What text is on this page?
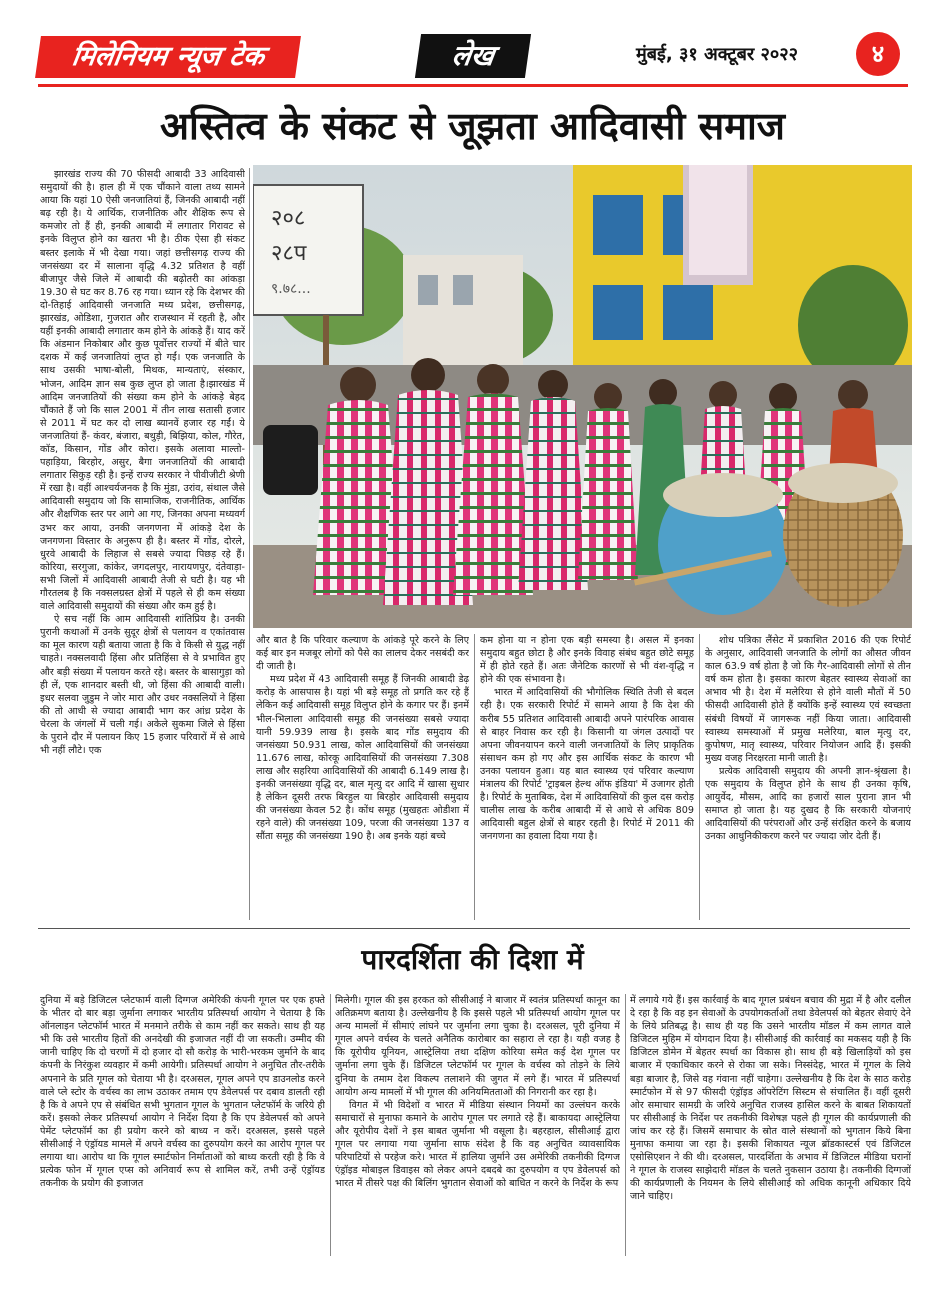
मिलेनियम न्यूज टेक	लेख	मुंबई, ३१ अक्टूबर २०२२	४
अस्तित्व के संकट से जूझता आदिवासी समाज

झारखंड राज्य की 70 फीसदी आबादी 33 आदिवासी समुदायों की है। हाल ही में एक चौंकाने वाला तथ्य सामने आया कि यहां 10 ऐसी जनजातियां हैं, जिनकी आबादी नहीं बढ़ रही है। ये आर्थिक, राजनीतिक और शैक्षिक रूप से कमजोर तो हैं ही, इनकी आबादी में लगातार गिरावट से इनके विलुप्त होने का खतरा भी है। ठीक ऐसा ही संकट बस्तर इलाके में भी देखा गया। जहां छत्तीसगढ़ राज्य की जनसंख्या दर में सालाना वृद्धि 4.32 प्रतिशत है वहीं बीजापुर जैसे जिले में आबादी की बढ़ोतरी का आंकड़ा 19.30 से घट कर 8.76 रह गया। ध्यान रहे कि देशभर की दो-तिहाई आदिवासी जनजाति मध्य प्रदेश, छत्तीसगढ़, झारखंड, ओडिशा, गुजरात और राजस्थान में रहती है, और यहीं इनकी आबादी लगातार कम होने के आंकड़े हैं। याद करें कि अंडमान निकोबार और कुछ पूर्वोत्तर राज्यों में बीते चार दशक में कई जनजातियां लुप्त हो गईं। एक जनजाति के साथ उसकी भाषा-बोली, मिथक, मान्यताएं, संस्कार, भोजन, आदिम ज्ञान सब कुछ लुप्त हो जाता है।झारखंड में आदिम जनजातियों की संख्या कम होने के आंकड़े बेहद चौंकाते हैं जो कि साल 2001 में तीन लाख सतासी हजार से 2011 में घट कर दो लाख ब्यानवें हजार रह गईं। ये जनजातियां हैं- कंवर, बंजारा, बथुड़ी, बिझिया, कोल, गौरेत, कॉड, किसान, गोंड और कोरा। इसके अलावा माल्तो-पहाड़िया, बिरहोर, असुर, बैगा जनजातियों की आबादी लगातार सिकुड़ रही है। इन्हें राज्य सरकार ने पीवीजीटी श्रेणी में रखा है। वहीं आश्चर्यजनक है कि मुंडा, उरांव, संथाल जैसे आदिवासी समुदाय जो कि सामाजिक, राजनीतिक, आर्थिक और शैक्षणिक स्तर पर आगे आ गए, जिनका अपना मध्यवर्ग उभर कर आया, उनकी जनगणना में आंकड़े देश के जनगणना विस्तार के अनुरूप ही है। बस्तर में गोंड, दोरले, धुरवे आबादी के लिहाज से सबसे ज्यादा पिछड़ रहे हैं। कोरिया, सरगुजा, कांकेर, जगदलपुर, नारायणपुर, दंतेवाड़ा-सभी जिलों में आदिवासी आबादी तेजी से घटी है। यह भी गौरतलब है कि नक्सलग्रस्त क्षेत्रों में पहले से ही कम संख्या वाले आदिवासी समुदायों की संख्या और कम हुई है।

ऐ सच नहीं कि आम आदिवासी शांतिप्रिय है। उनकी पुरानी कथाओं में उनके सुदूर क्षेत्रों से पलायन व एकांतवास का मूल कारण यही बताया जाता है कि वे किसी से युद्ध नहीं चाहते। नक्सलवादी हिंसा और प्रतिहिंसा से वे प्रभावित हुए और बड़ी संख्या में पलायन करते रहे। बस्तर के बासागुड़ा को ही लें, एक शानदार बस्ती थी, जो हिंसा की आबादी वाली। इधर सलवा जुडुम ने जोर मारा और उधर नक्सलियों ने हिंसा की तो आधी से ज्यादा आबादी भाग कर आंध्र प्रदेश के चेरला के जंगलों में चली गई। अकेले सुकमा जिले से हिंसा के पुराने दौर में पलायन किए 15 हजार परिवारों में से आधे भी नहीं लौटे। एक

२०८
२८प
९.७८...

और बात है कि परिवार कल्याण के आंकड़े पूरे करने के लिए कई बार इन मजबूर लोगों को पैसे का लालच देकर नसबंदी कर दी जाती है।

मध्य प्रदेश में 43 आदिवासी समूह हैं जिनकी आबादी डेढ़ करोड़ के आसपास है। यहां भी बड़े समूह तो प्रगति कर रहे हैं लेकिन कई आदिवासी समूह विलुप्त होने के कगार पर हैं। इनमें भील-भिलाला आदिवासी समूह की जनसंख्या सबसे ज्यादा यानी 59.939 लाख है। इसके बाद गोंड समुदाय की जनसंख्या 50.931 लाख, कोल आदिवासियों की जनसंख्या 11.676 लाख, कोरकू आदिवासियों की जनसंख्या 7.308 लाख और सहरिया आदिवासियों की आबादी 6.149 लाख है। इनकी जनसंख्या वृद्धि दर, बाल मृत्यु दर आदि में खासा सुधार है लेकिन दूसरी तरफ बिरहुल या बिरहोर आदिवासी समुदाय की जनसंख्या केवल 52 है। कोंध समूह (मुखहतः ओडीशा में रहने वाले) की जनसंख्या 109, परजा की जनसंख्या 137 व सौंता समूह की जनसंख्या 190 है। अब इनके यहां बच्चे

कम होना या न होना एक बड़ी समस्या है। असल में इनका समुदाय बहुत छोटा है और इनके विवाह संबंध बहुत छोटे समूह में ही होते रहते हैं। अतः जैनेटिक कारणों से भी वंश-वृद्धि न होने की एक संभावना है।

भारत में आदिवासियों की भौगोलिक स्थिति तेजी से बदल रही है। एक सरकारी रिपोर्ट में सामने आया है कि देश की करीब 55 प्रतिशत आदिवासी आबादी अपने पारंपरिक आवास से बाहर निवास कर रही है। किसानी या जंगल उत्पादों पर अपना जीवनयापन करने वाली जनजातियों के लिए प्राकृतिक संसाधन कम हो गए और इस आर्थिक संकट के कारण भी उनका पलायन हुआ। यह बात स्वास्थ्य एवं परिवार कल्याण मंत्रालय की रिपोर्ट 'ट्राइबल हेल्थ ऑफ इंडिया' में उजागर होती है। रिपोर्ट के मुताबिक, देश में आदिवासियों की कुल दस करोड़ चालीस लाख के करीब आबादी में से आधे से अधिक 809 आदिवासी बहुल क्षेत्रों से बाहर रहती है। रिपोर्ट में 2011 की जनगणना का हवाला दिया गया है।

शोध पत्रिका लैंसेट में प्रकाशित 2016 की एक रिपोर्ट के अनुसार, आदिवासी जनजाति के लोगों का औसत जीवन काल 63.9 वर्ष होता है जो कि गैर-आदिवासी लोगों से तीन वर्ष कम होता है। इसका कारण बेहतर स्वास्थ्य सेवाओं का अभाव भी है। देश में मलेरिया से होने वाली मौतों में 50 फीसदी आदिवासी होते हैं क्योंकि इन्हें स्वास्थ्य एवं स्वच्छता संबंधी विषयों में जागरूक नहीं किया जाता। आदिवासी स्वास्थ्य समस्याओं में प्रमुख मलेरिया, बाल मृत्यु दर, कुपोषण, मातृ स्वास्थ्य, परिवार नियोजन आदि हैं। इसकी मुख्य वजह निरक्षरता मानी जाती है।

प्रत्येक आदिवासी समुदाय की अपनी ज्ञान-श्रृंखला है। एक समुदाय के विलुप्त होने के साथ ही उनका कृषि, आयुर्वेद, मौसम, आदि का हजारों साल पुराना ज्ञान भी समाप्त हो जाता है। यह दुखद है कि सरकारी योजनाएं आदिवासियों की परंपराओं और उन्हें संरक्षित करने के बजाय उनका आधुनिकीकरण करने पर ज्यादा जोर देती हैं।

पारदर्शिता की दिशा में

दुनिया में बड़े डिजिटल प्लेटफार्म वाली दिग्गज अमेरिकी कंपनी गूगल पर एक हफ्ते के भीतर दो बार बड़ा जुर्माना लगाकर भारतीय प्रतिस्पर्धा आयोग ने चेताया है कि ऑनलाइन प्लेटफॉर्म भारत में मनमाने तरीके से काम नहीं कर सकते। साथ ही यह भी कि उसे भारतीय हितों की अनदेखी की इजाजत नहीं दी जा सकती। उम्मीद की जानी चाहिए कि दो चरणों में दो हजार दो सौ करोड़ के भारी-भरकम जुर्माने के बाद कंपनी के निरंकुश व्यवहार में कमी आयेगी। प्रतिस्पर्धा आयोग ने अनुचित तौर-तरीके अपनाने के प्रति गूगल को चेताया भी है। दरअसल, गूगल अपने एप डाउनलोड करने वाले प्ले स्टोर के वर्चस्व का लाभ उठाकर तमाम एप डेवेलपर्स पर दबाव डालती रही है कि वे अपने एप से संबंधित सभी भुगतान गूगल के भुगतान प्लेटफॉर्म के जरिये ही करें। इसको लेकर प्रतिस्पर्धा आयोग ने निर्देश दिया है कि एप डेवेलपर्स को अपने पेमेंट प्लेटफॉर्म का ही प्रयोग करने को बाध्य न करें। दरअसल, इससे पहले सीसीआई ने एंड्रॉयड मामले में अपने वर्चस्व का दुरुपयोग करने का आरोप गूगल पर लगाया था। आरोप था कि गूगल स्मार्टफोन निर्माताओं को बाध्य करती रही है कि वे प्रत्येक फोन में गूगल एप्स को अनिवार्य रूप से शामिल करें, तभी उन्हें एंड्रॉयड तकनीक के प्रयोग की इजाजत

मिलेगी। गूगल की इस हरकत को सीसीआई ने बाजार में स्वतंत्र प्रतिस्पर्धा कानून का अतिक्रमण बताया है। उल्लेखनीय है कि इससे पहले भी प्रतिस्पर्धा आयोग गूगल पर अन्य मामलों में सीमाएं लांघने पर जुर्माना लगा चुका है। दरअसल, पूरी दुनिया में गूगल अपने वर्चस्व के चलते अनैतिक कारोबार का सहारा ले रहा है। यही वजह है कि यूरोपीय यूनियन, आस्ट्रेलिया तथा दक्षिण कोरिया समेत कई देश गूगल पर जुर्माना लगा चुके हैं। डिजिटल प्लेटफॉर्म पर गूगल के वर्चस्व को तोड़ने के लिये दुनिया के तमाम देश विकल्प तलाशने की जुगत में लगे हैं। भारत में प्रतिस्पर्धा आयोग अन्य मामलों में भी गूगल की अनियमितताओं की निगरानी कर रहा है।

विगत में भी विदेशों व भारत में मीडिया संस्थान नियमों का उल्लंघन करके समाचारों से मुनाफा कमाने के आरोप गूगल पर लगाते रहे हैं। बाकायदा आस्ट्रेलिया और यूरोपीय देशों ने इस बाबत जुर्माना भी वसूला है। बहरहाल, सीसीआई द्वारा गूगल पर लगाया गया जुर्माना साफ संदेश है कि वह अनुचित व्यावसायिक परिपाटियों से परहेज करे। भारत में हालिया जुर्माने उस अमेरिकी तकनीकी दिग्गज एंड्रॉइड मोबाइल डिवाइस को लेकर अपने दबदबे का दुरुपयोग व एप डेवेलपर्स को भारत में तीसरे पक्ष की बिलिंग भुगतान सेवाओं को बाधित न करने के निर्देश के रूप

में लगाये गये हैं। इस कार्रवाई के बाद गूगल प्रबंधन बचाव की मुद्रा में है और दलील दे रहा है कि वह इन सेवाओं के उपयोगकर्ताओं तथा डेवेलपर्स को बेहतर सेवाएं देने के लिये प्रतिबद्ध है। साथ ही यह कि उसने भारतीय मॉडल में कम लागत वाले डिजिटल मुहिम में योगदान दिया है। सीसीआई की कार्रवाई का मकसद यही है कि डिजिटल डोमेन में बेहतर स्पर्धा का विकास हो। साथ ही बड़े खिलाड़ियों को इस बाजार में एकाधिकार करने से रोका जा सके। निस्संदेह, भारत में गूगल के लिये बड़ा बाजार है, जिसे वह गंवाना नहीं चाहेगा। उल्लेखनीय है कि देश के साठ करोड़ स्मार्टफोन में से 97 फीसदी एंड्रॉइड ऑपरेटिंग सिस्टम से संचालित हैं। वहीं दूसरी ओर समाचार सामग्री के जरिये अनुचित राजस्व हासिल करने के बाबत शिकायतों पर सीसीआई के निर्देश पर तकनीकी विशेषज्ञ पहले ही गूगल की कार्यप्रणाली की जांच कर रहे हैं। जिसमें समाचार के स्रोत वाले संस्थानों को भुगतान किये बिना मुनाफा कमाया जा रहा है। इसकी शिकायत न्यूज ब्रॉडकास्टर्स एवं डिजिटल एसोसिएशन ने की थी। दरअसल, पारदर्शिता के अभाव में डिजिटल मीडिया घरानों ने गूगल के राजस्व साझेदारी मॉडल के चलते नुकसान उठाया है। तकनीकी दिग्गजों की कार्यप्रणाली के नियमन के लिये सीसीआई को अधिक कानूनी अधिकार दिये जाने चाहिए।
